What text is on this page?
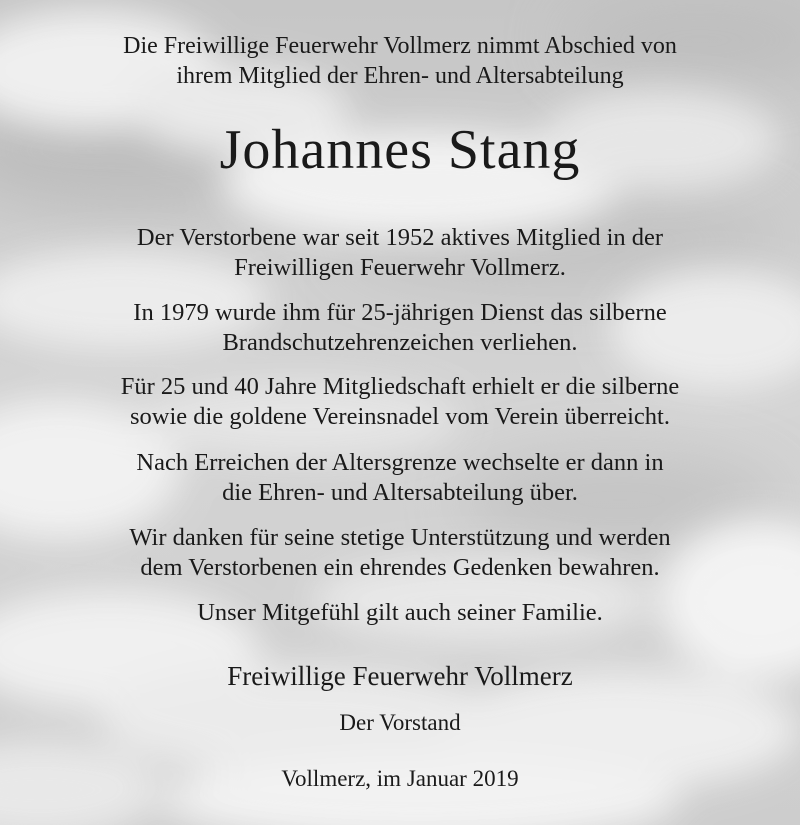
Die Freiwillige Feuerwehr Vollmerz nimmt Abschied von

ihrem Mitglied der Ehren- und Altersabteilung

Johannes Stang

Der Verstorbene war seit 1952 aktives Mitglied in der

Freiwilligen Feuerwehr Vollmerz.

In 1979 wurde ihm für 25-jährigen Dienst das silberne

Brandschutzehrenzeichen verliehen.

Für 25 und 40 Jahre Mitgliedschaft erhielt er die silberne

sowie die goldene Vereinsnadel vom Verein überreicht.

Nach Erreichen der Altersgrenze wechselte er dann in

die Ehren- und Altersabteilung über.

Wir danken für seine stetige Unterstützung und werden

dem Verstorbenen ein ehrendes Gedenken bewahren.

Unser Mitgefühl gilt auch seiner Familie.

Freiwillige Feuerwehr Vollmerz

Der Vorstand

Vollmerz, im Januar 2019
